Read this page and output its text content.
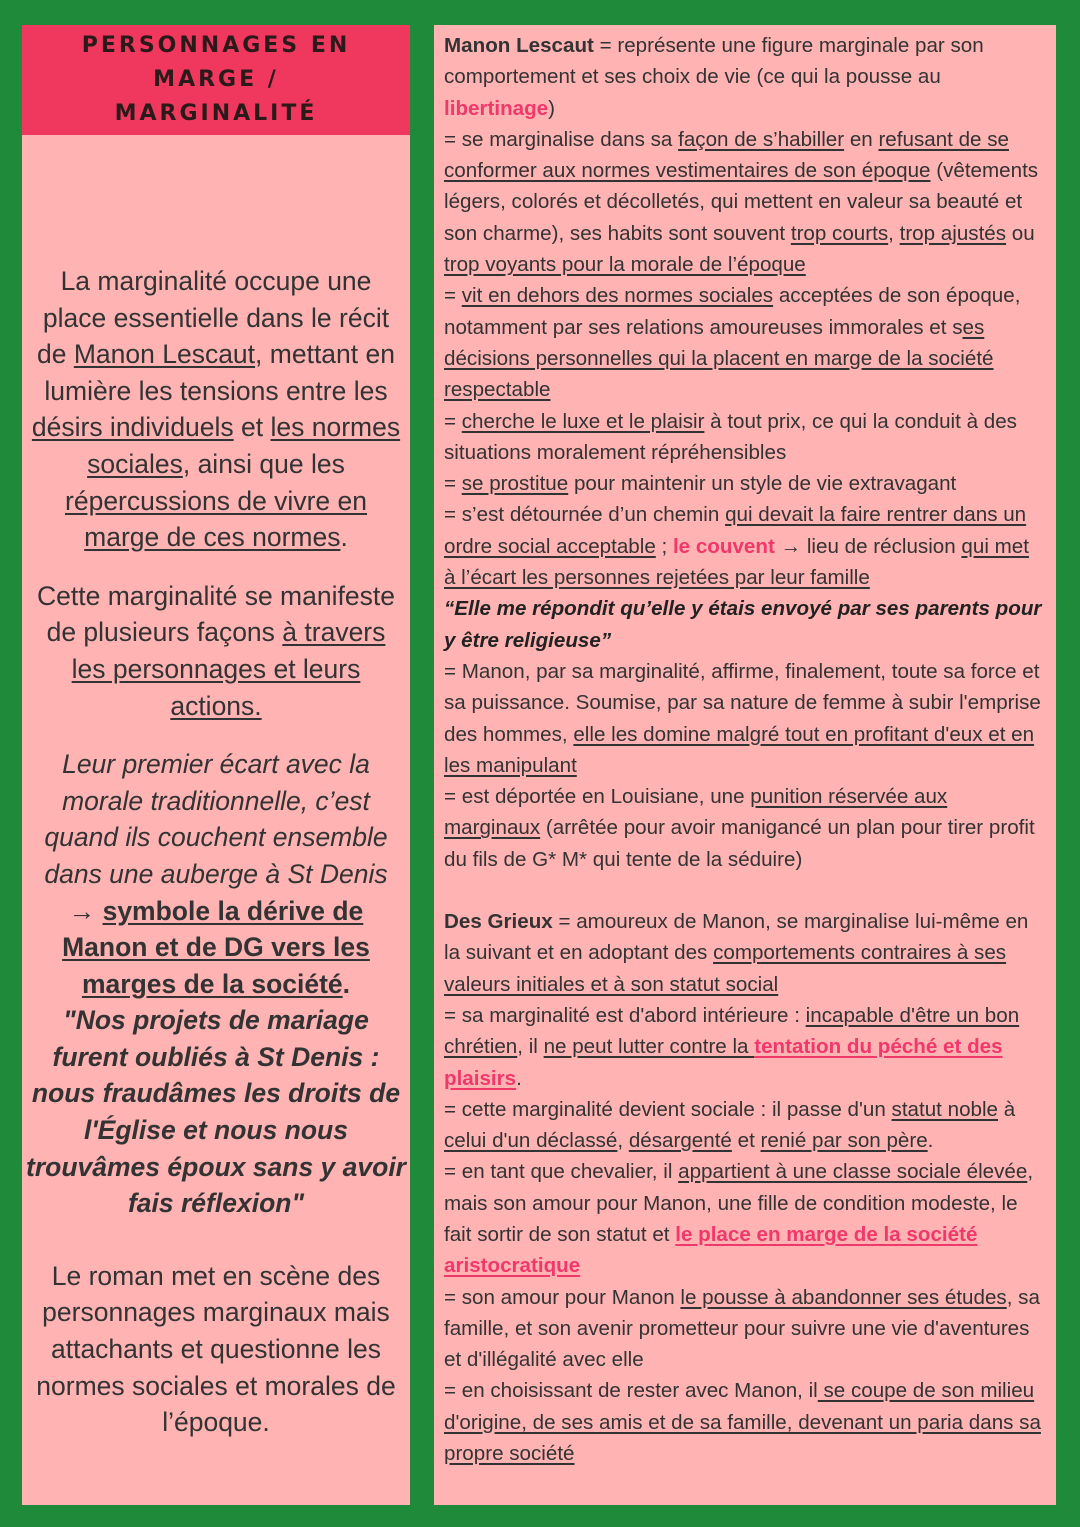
PERSONNAGES EN MARGE / MARGINALITÉ

La marginalité occupe une place essentielle dans le récit de Manon Lescaut, mettant en lumière les tensions entre les désirs individuels et les normes sociales, ainsi que les répercussions de vivre en marge de ces normes.

Cette marginalité se manifeste de plusieurs façons à travers les personnages et leurs actions.

Leur premier écart avec la morale traditionnelle, c’est quand ils couchent ensemble dans une auberge à St Denis
→ symbole la dérive de Manon et de DG vers les marges de la société.

"Nos projets de mariage furent oubliés à St Denis : nous fraudâmes les droits de l'Église et nous nous trouvâmes époux sans y avoir fais réflexion"

Le roman met en scène des personnages marginaux mais attachants et questionne les normes sociales et morales de l’époque.

Manon Lescaut = représente une figure marginale par son comportement et ses choix de vie (ce qui la pousse au libertinage)

= se marginalise dans sa façon de s’habiller en refusant de se conformer aux normes vestimentaires de son époque (vêtements légers, colorés et décolletés, qui mettent en valeur sa beauté et son charme), ses habits sont souvent trop courts, trop ajustés ou trop voyants pour la morale de l’époque

= vit en dehors des normes sociales acceptées de son époque, notamment par ses relations amoureuses immorales et ses décisions personnelles qui la placent en marge de la société respectable

= cherche le luxe et le plaisir à tout prix, ce qui la conduit à des situations moralement répréhensibles

= se prostitue pour maintenir un style de vie extravagant

= s’est détournée d’un chemin qui devait la faire rentrer dans un ordre social acceptable ; le couvent → lieu de réclusion qui met à l’écart les personnes rejetées par leur famille

“Elle me répondit qu’elle y étais envoyé par ses parents pour y être religieuse”

= Manon, par sa marginalité, affirme, finalement, toute sa force et sa puissance. Soumise, par sa nature de femme à subir l'emprise des hommes, elle les domine malgré tout en profitant d'eux et en les manipulant

= est déportée en Louisiane, une punition réservée aux marginaux (arrêtée pour avoir manigancé un plan pour tirer profit du fils de G* M* qui tente de la séduire)

Des Grieux = amoureux de Manon, se marginalise lui-même en la suivant et en adoptant des comportements contraires à ses valeurs initiales et à son statut social

= sa marginalité est d'abord intérieure : incapable d'être un bon chrétien, il ne peut lutter contre la tentation du péché et des plaisirs.

= cette marginalité devient sociale : il passe d'un statut noble à celui d'un déclassé, désargenté et renié par son père.

= en tant que chevalier, il appartient à une classe sociale élevée, mais son amour pour Manon, une fille de condition modeste, le fait sortir de son statut et le place en marge de la société aristocratique

= son amour pour Manon le pousse à abandonner ses études, sa famille, et son avenir prometteur pour suivre une vie d'aventures et d'illégalité avec elle

= en choisissant de rester avec Manon, il se coupe de son milieu d'origine, de ses amis et de sa famille, devenant un paria dans sa propre société
